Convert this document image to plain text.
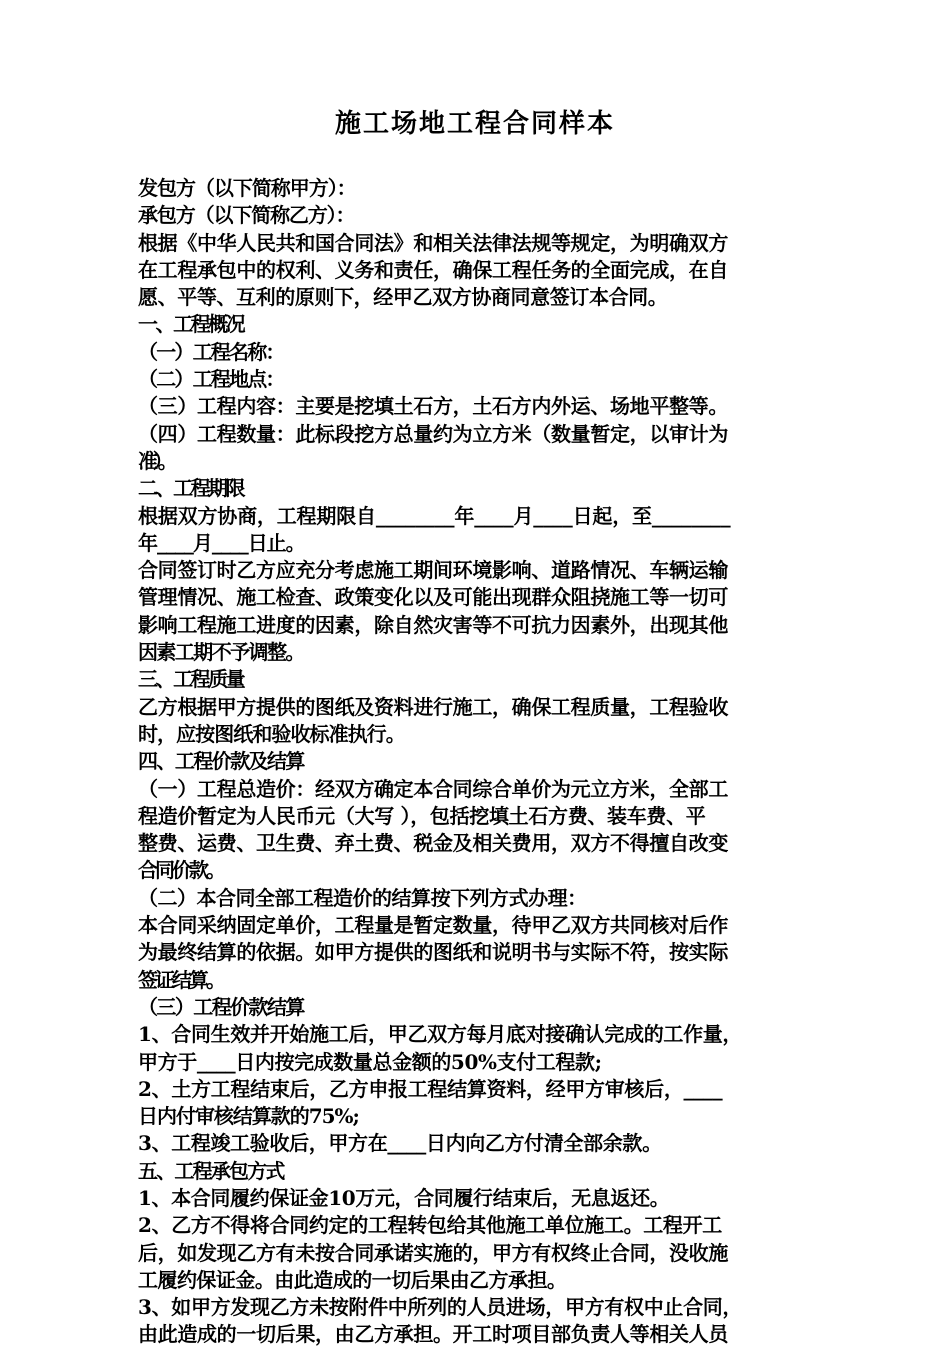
施工场地工程合同样本
发包方（以下简称甲方）：
承包方（以下简称乙方）：
根据《中华人民共和国合同法》和相关法律法规等规定，为明确双方
在工程承包中的权利、义务和责任，确保工程任务的全面完成，在自
愿、平等、互利的原则下，经甲乙双方协商同意签订本合同。
一、工程概况
（一）工程名称：
（二）工程地点：
（三）工程内容：主要是挖填土石方，土石方内外运、场地平整等。
（四）工程数量：此标段挖方总量约为立方米（数量暂定，以审计为
准）。
二、工程期限
根据双方协商，工程期限自________年____月____日起，至________
年____月____日止。
合同签订时乙方应充分考虑施工期间环境影响、道路情况、车辆运输
管理情况、施工检查、政策变化以及可能出现群众阻挠施工等一切可
影响工程施工进度的因素，除自然灾害等不可抗力因素外，出现其他
因素工期不予调整。
三、工程质量
乙方根据甲方提供的图纸及资料进行施工，确保工程质量，工程验收
时，应按图纸和验收标准执行。
四、工程价款及结算
（一）工程总造价：经双方确定本合同综合单价为元立方米，全部工
程造价暂定为人民币元（大写 ），包括挖填土石方费、装车费、平
整费、运费、卫生费、弃土费、税金及相关费用，双方不得擅自改变
合同价款。
（二）本合同全部工程造价的结算按下列方式办理：
本合同采纳固定单价，工程量是暂定数量，待甲乙双方共同核对后作
为最终结算的依据。如甲方提供的图纸和说明书与实际不符，按实际
签证结算。
（三）工程价款结算
1、合同生效并开始施工后，甲乙双方每月底对接确认完成的工作量，
甲方于____日内按完成数量总金额的50%支付工程款;
2、土方工程结束后，乙方申报工程结算资料，经甲方审核后，____
日内付审核结算款的75%;
3、工程竣工验收后，甲方在____日内向乙方付清全部余款。
五、工程承包方式
1、本合同履约保证金10万元，合同履行结束后，无息返还。
2、乙方不得将合同约定的工程转包给其他施工单位施工。工程开工
后，如发现乙方有未按合同承诺实施的，甲方有权终止合同，没收施
工履约保证金。由此造成的一切后果由乙方承担。
3、如甲方发现乙方未按附件中所列的人员进场，甲方有权中止合同，
由此造成的一切后果，由乙方承担。开工时项目部负责人等相关人员
